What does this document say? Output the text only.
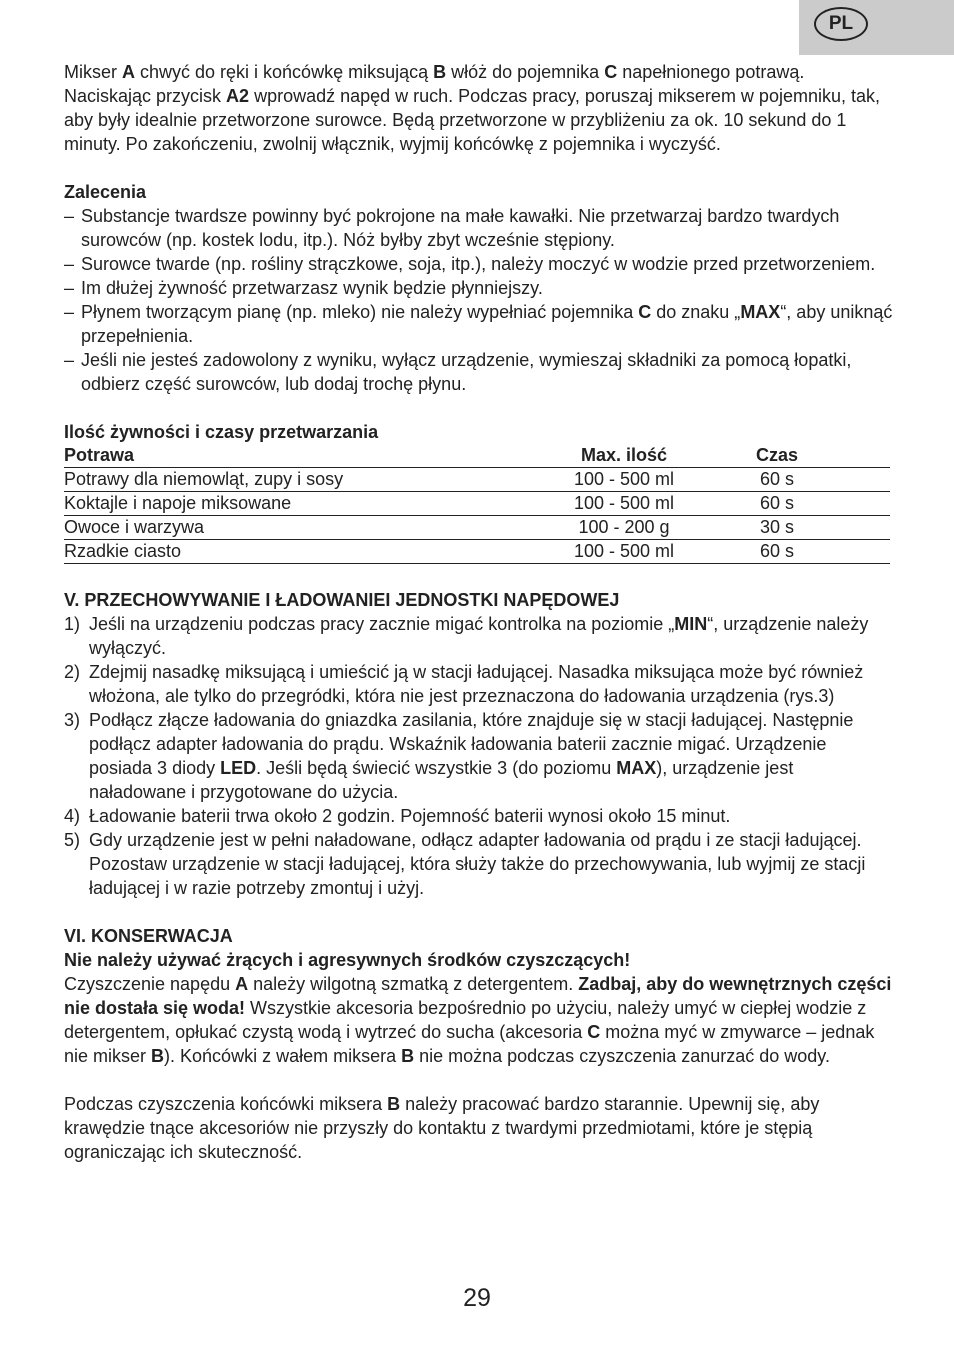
PL

Mikser A chwyć do ręki i końcówkę miksującą B włóż do pojemnika C napełnionego potrawą. Naciskając przycisk A2 wprowadź napęd w ruch. Podczas pracy, poruszaj mikserem w pojemniku, tak, aby były idealnie przetworzone surowce. Będą przetworzone w przybliżeniu za ok. 10 sekund do 1 minuty. Po zakończeniu, zwolnij włącznik, wyjmij końcówkę z pojemnika i wyczyść.

Zalecenia

– Substancje twardsze powinny być pokrojone na małe kawałki. Nie przetwarzaj bardzo twardych surowców (np. kostek lodu, itp.). Nóż byłby zbyt wcześnie stępiony.
– Surowce twarde (np. rośliny strączkowe, soja, itp.), należy moczyć w wodzie przed przetworzeniem.
– Im dłużej żywność przetwarzasz wynik będzie płynniejszy.
– Płynem tworzącym pianę (np. mleko) nie należy wypełniać pojemnika C do znaku „MAX“, aby uniknąć przepełnienia.
– Jeśli nie jesteś zadowolony z wyniku, wyłącz urządzenie, wymieszaj składniki za pomocą łopatki, odbierz część surowców, lub dodaj trochę płynu.

Ilość żywności i czasy przetwarzania

Potrawa	Max. ilość	Czas
Potrawy dla niemowląt, zupy i sosy	100 - 500 ml	60 s
Koktajle i napoje miksowane	100 - 500 ml	60 s
Owoce i warzywa	100 - 200 g	30 s
Rzadkie ciasto	100 - 500 ml	60 s

V. PRZECHOWYWANIE I ŁADOWANIEI JEDNOSTKI NAPĘDOWEJ

1) Jeśli na urządzeniu podczas pracy zacznie migać kontrolka na poziomie „MIN“, urządzenie należy wyłączyć.
2) Zdejmij nasadkę miksującą i umieścić ją w stacji ładującej. Nasadka miksująca może być również włożona, ale tylko do przegródki, która nie jest przeznaczona do ładowania urządzenia (rys.3)
3) Podłącz złącze ładowania do gniazdka zasilania, które znajduje się w stacji ładującej. Następnie podłącz adapter ładowania do prądu. Wskaźnik ładowania baterii zacznie migać. Urządzenie posiada 3 diody LED. Jeśli będą świecić wszystkie 3 (do poziomu MAX), urządzenie jest naładowane i przygotowane do użycia.
4) Ładowanie baterii trwa około 2 godzin. Pojemność baterii wynosi około 15 minut.
5) Gdy urządzenie jest w pełni naładowane, odłącz adapter ładowania od prądu i ze stacji ładującej. Pozostaw urządzenie w stacji ładującej, która służy także do przechowywania, lub wyjmij ze stacji ładującej i w razie potrzeby zmontuj i użyj.

VI. KONSERWACJA

Nie należy używać żrących i agresywnych środków czyszczących!

Czyszczenie napędu A należy wilgotną szmatką z detergentem. Zadbaj, aby do wewnętrznych części nie dostała się woda! Wszystkie akcesoria bezpośrednio po użyciu, należy umyć w ciepłej wodzie z detergentem, opłukać czystą wodą i wytrzeć do sucha (akcesoria C można myć w zmywarce – jednak nie mikser B). Końcówki z wałem miksera B nie można podczas czyszczenia zanurzać do wody.

Podczas czyszczenia końcówki miksera B należy pracować bardzo starannie. Upewnij się, aby krawędzie tnące akcesoriów nie przyszły do kontaktu z twardymi przedmiotami, które je stępią ograniczając ich skuteczność.

29
